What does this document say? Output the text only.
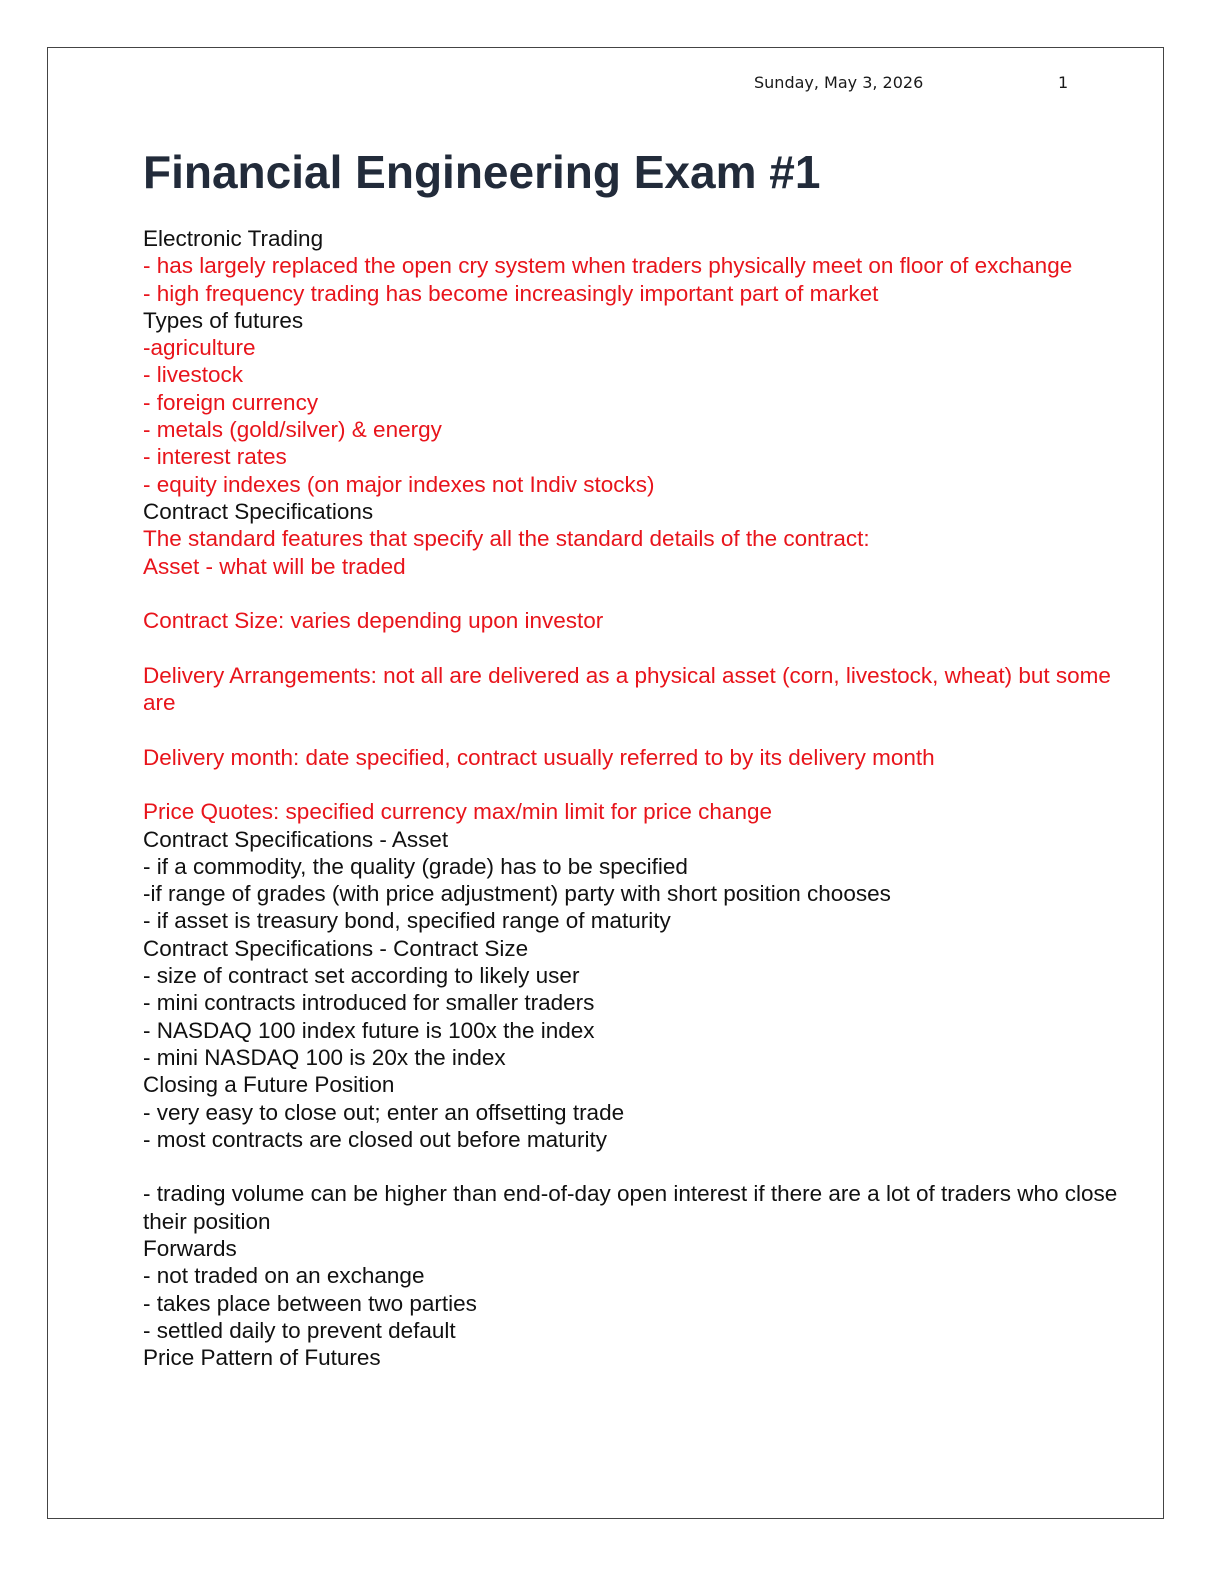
Sunday, May 3, 2026	1
Financial Engineering Exam #1
Electronic Trading
- has largely replaced the open cry system when traders physically meet on floor of exchange
- high frequency trading has become increasingly important part of market
Types of futures
-agriculture
- livestock
- foreign currency
- metals (gold/silver) & energy
- interest rates
- equity indexes (on major indexes not Indiv stocks)
Contract Specifications
The standard features that specify all the standard details of the contract:
Asset - what will be traded
Contract Size: varies depending upon investor
Delivery Arrangements: not all are delivered as a physical asset (corn, livestock, wheat) but some are
Delivery month: date specified, contract usually referred to by its delivery month
Price Quotes: specified currency max/min limit for price change
Contract Specifications - Asset
- if a commodity, the quality (grade) has to be specified
-if range of grades (with price adjustment) party with short position chooses
- if asset is treasury bond, specified range of maturity
Contract Specifications - Contract Size
- size of contract set according to likely user
- mini contracts introduced for smaller traders
- NASDAQ 100 index future is 100x the index
- mini NASDAQ 100 is 20x the index
Closing a Future Position
- very easy to close out; enter an offsetting trade
- most contracts are closed out before maturity
- trading volume can be higher than end-of-day open interest if there are a lot of traders who close their position
Forwards
- not traded on an exchange
- takes place between two parties
- settled daily to prevent default
Price Pattern of Futures
